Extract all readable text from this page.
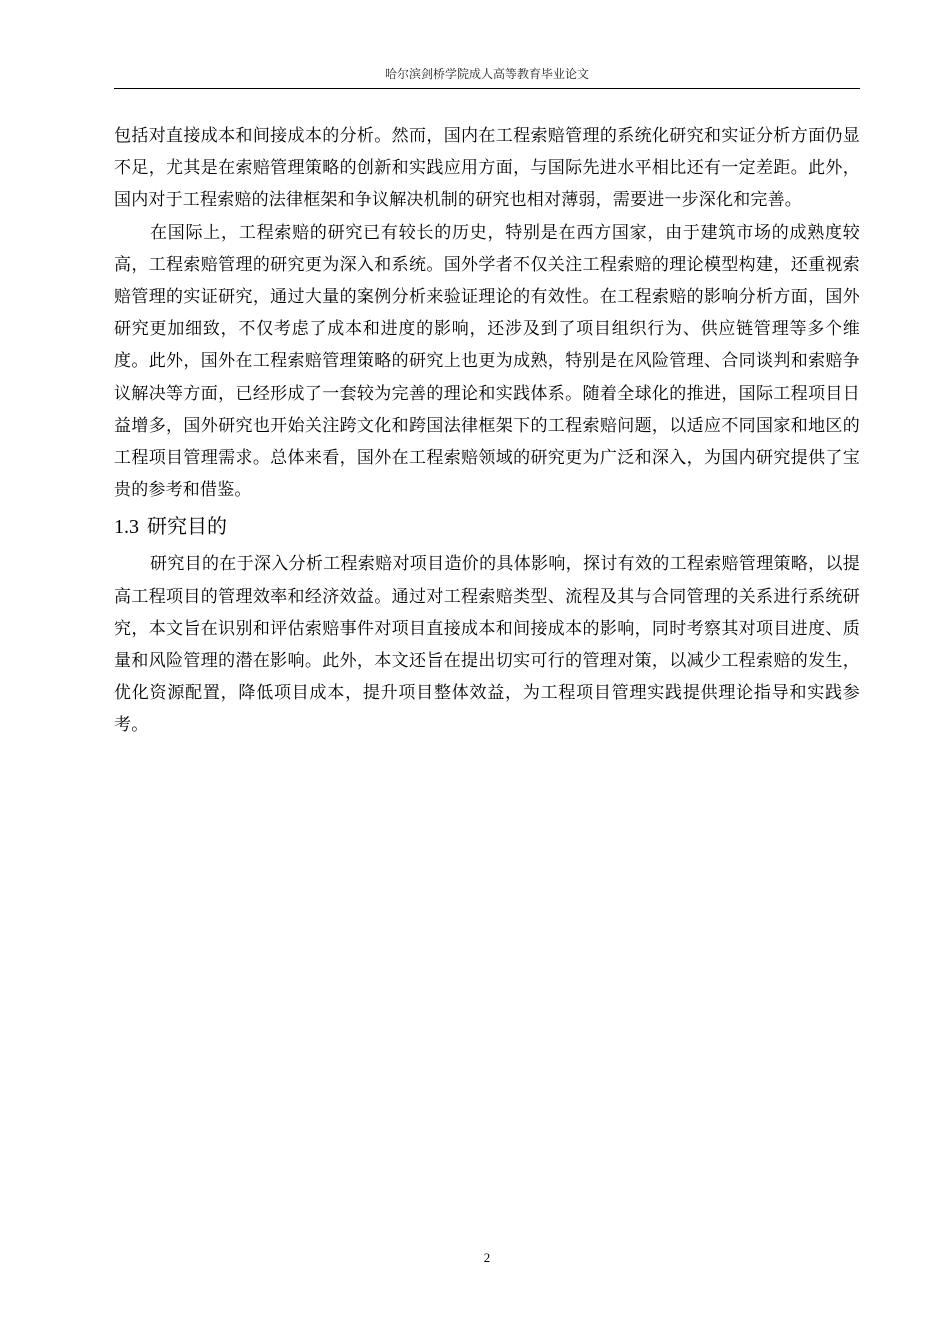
哈尔滨剑桥学院成人高等教育毕业论文

包括对直接成本和间接成本的分析。然而，国内在工程索赔管理的系统化研究和实证分析方面仍显不足，尤其是在索赔管理策略的创新和实践应用方面，与国际先进水平相比还有一定差距。此外，国内对于工程索赔的法律框架和争议解决机制的研究也相对薄弱，需要进一步深化和完善。

在国际上，工程索赔的研究已有较长的历史，特别是在西方国家，由于建筑市场的成熟度较高，工程索赔管理的研究更为深入和系统。国外学者不仅关注工程索赔的理论模型构建，还重视索赔管理的实证研究，通过大量的案例分析来验证理论的有效性。在工程索赔的影响分析方面，国外研究更加细致，不仅考虑了成本和进度的影响，还涉及到了项目组织行为、供应链管理等多个维度。此外，国外在工程索赔管理策略的研究上也更为成熟，特别是在风险管理、合同谈判和索赔争议解决等方面，已经形成了一套较为完善的理论和实践体系。随着全球化的推进，国际工程项目日益增多，国外研究也开始关注跨文化和跨国法律框架下的工程索赔问题，以适应不同国家和地区的工程项目管理需求。总体来看，国外在工程索赔领域的研究更为广泛和深入，为国内研究提供了宝贵的参考和借鉴。

1.3 研究目的

研究目的在于深入分析工程索赔对项目造价的具体影响，探讨有效的工程索赔管理策略，以提高工程项目的管理效率和经济效益。通过对工程索赔类型、流程及其与合同管理的关系进行系统研究，本文旨在识别和评估索赔事件对项目直接成本和间接成本的影响，同时考察其对项目进度、质量和风险管理的潜在影响。此外，本文还旨在提出切实可行的管理对策，以减少工程索赔的发生，优化资源配置，降低项目成本，提升项目整体效益，为工程项目管理实践提供理论指导和实践参考。

2
